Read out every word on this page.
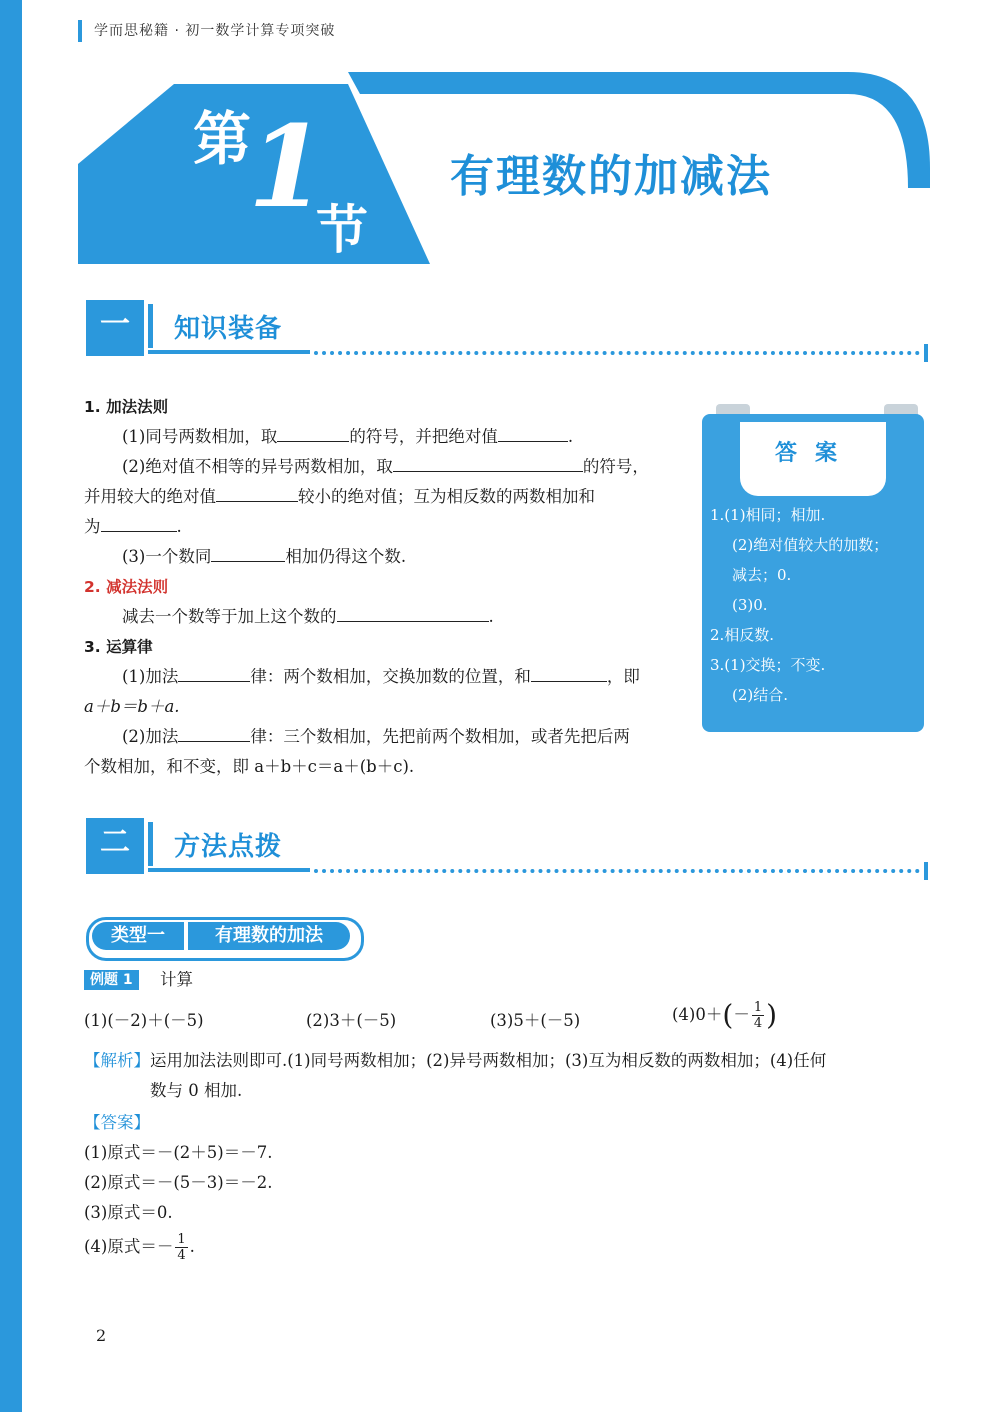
学而思秘籍 · 初一数学计算专项突破
第
1
节
有理数的加减法
一	知识装备
1. 加法法则
(1)同号两数相加，取	的符号，并把绝对值	.
(2)绝对值不相等的异号两数相加，取	的符号，
并用较大的绝对值	较小的绝对值；互为相反数的两数相加和
为	.
(3)一个数同	相加仍得这个数.
2. 减法法则
减去一个数等于加上这个数的	.
3. 运算律
(1)加法	律：两个数相加，交换加数的位置，和	，即
a＋b＝b＋a.
(2)加法	律：三个数相加，先把前两个数相加，或者先把后两
个数相加，和不变，即 a＋b＋c＝a＋(b＋c).
答案
1.(1)相同；相加.
(2)绝对值较大的加数；
减去；0.
(3)0.
2.相反数.
3.(1)交换；不变.
(2)结合.
二	方法点拨
类型一	有理数的加法
例题 1	计算
(1)(－2)＋(－5)	(2)3＋(－5)	(3)5＋(－5)	$(4)0+(- \frac{1}{4}$ )
【解析】运用加法法则即可.(1)同号两数相加；(2)异号两数相加；(3)互为相反数的两数相加；(4)任何
数与 0 相加.
【答案】
(1)原式＝－(2＋5)＝－7.
(2)原式＝－(5－3)＝－2.
(3)原式＝0.
(4)原式＝－ $\frac{1}{4}$ .
2
